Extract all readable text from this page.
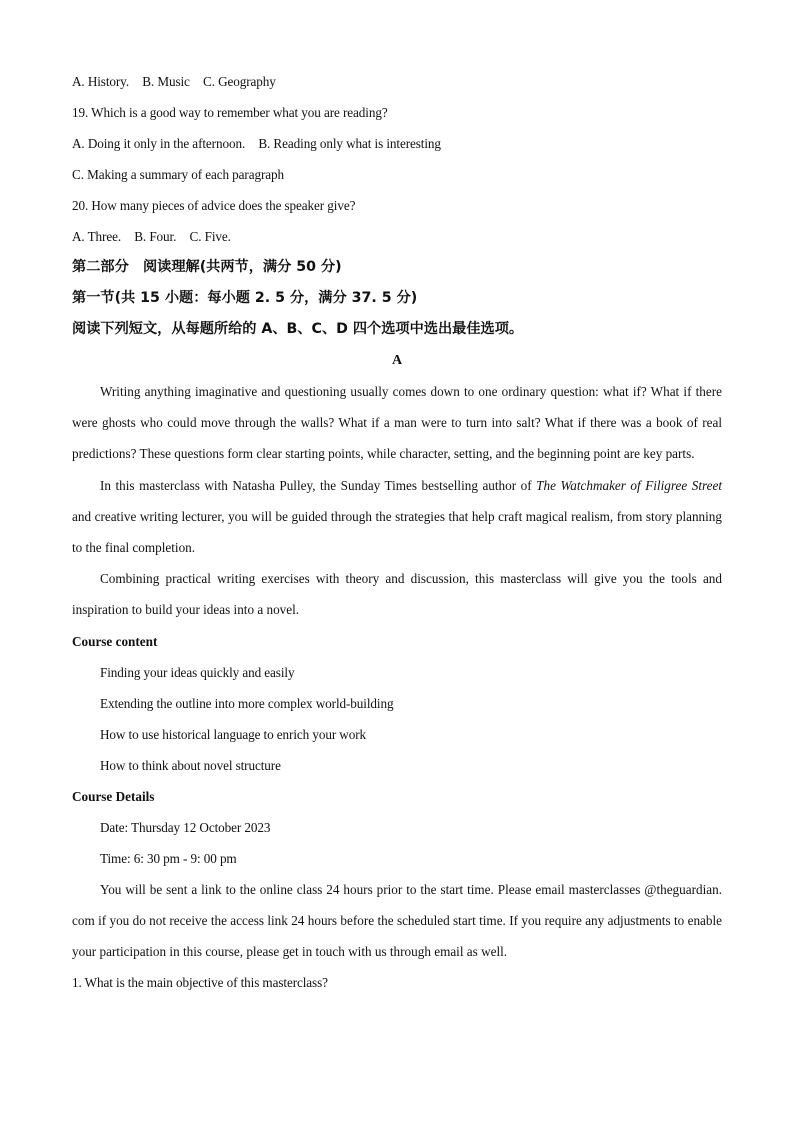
A. History. B. Music C. Geography
19. Which is a good way to remember what you are reading?
A. Doing it only in the afternoon. B. Reading only what is interesting
C. Making a summary of each paragraph
20. How many pieces of advice does the speaker give?
A. Three. B. Four. C. Five.
第二部分　阅读理解(共两节，满分 50 分)
第一节(共 15 小题：每小题 2. 5 分，满分 37. 5 分)
阅读下列短文，从每题所给的 A、B、C、D 四个选项中选出最佳选项。
A

Writing anything imaginative and questioning usually comes down to one ordinary question: what if? What if there were ghosts who could move through the walls? What if a man were to turn into salt? What if there was a book of real predictions? These questions form clear starting points, while character, setting, and the beginning point are key parts.

In this masterclass with Natasha Pulley, the Sunday Times bestselling author of The Watchmaker of Filigree Street and creative writing lecturer, you will be guided through the strategies that help craft magical realism, from story planning to the final completion.

Combining practical writing exercises with theory and discussion, this masterclass will give you the tools and inspiration to build your ideas into a novel.

Course content
Finding your ideas quickly and easily
Extending the outline into more complex world-building
How to use historical language to enrich your work
How to think about novel structure
Course Details
Date: Thursday 12 October 2023
Time: 6: 30 pm - 9: 00 pm

You will be sent a link to the online class 24 hours prior to the start time. Please email masterclasses @theguardian. com if you do not receive the access link 24 hours before the scheduled start time. If you require any adjustments to enable your participation in this course, please get in touch with us through email as well.

1. What is the main objective of this masterclass?
